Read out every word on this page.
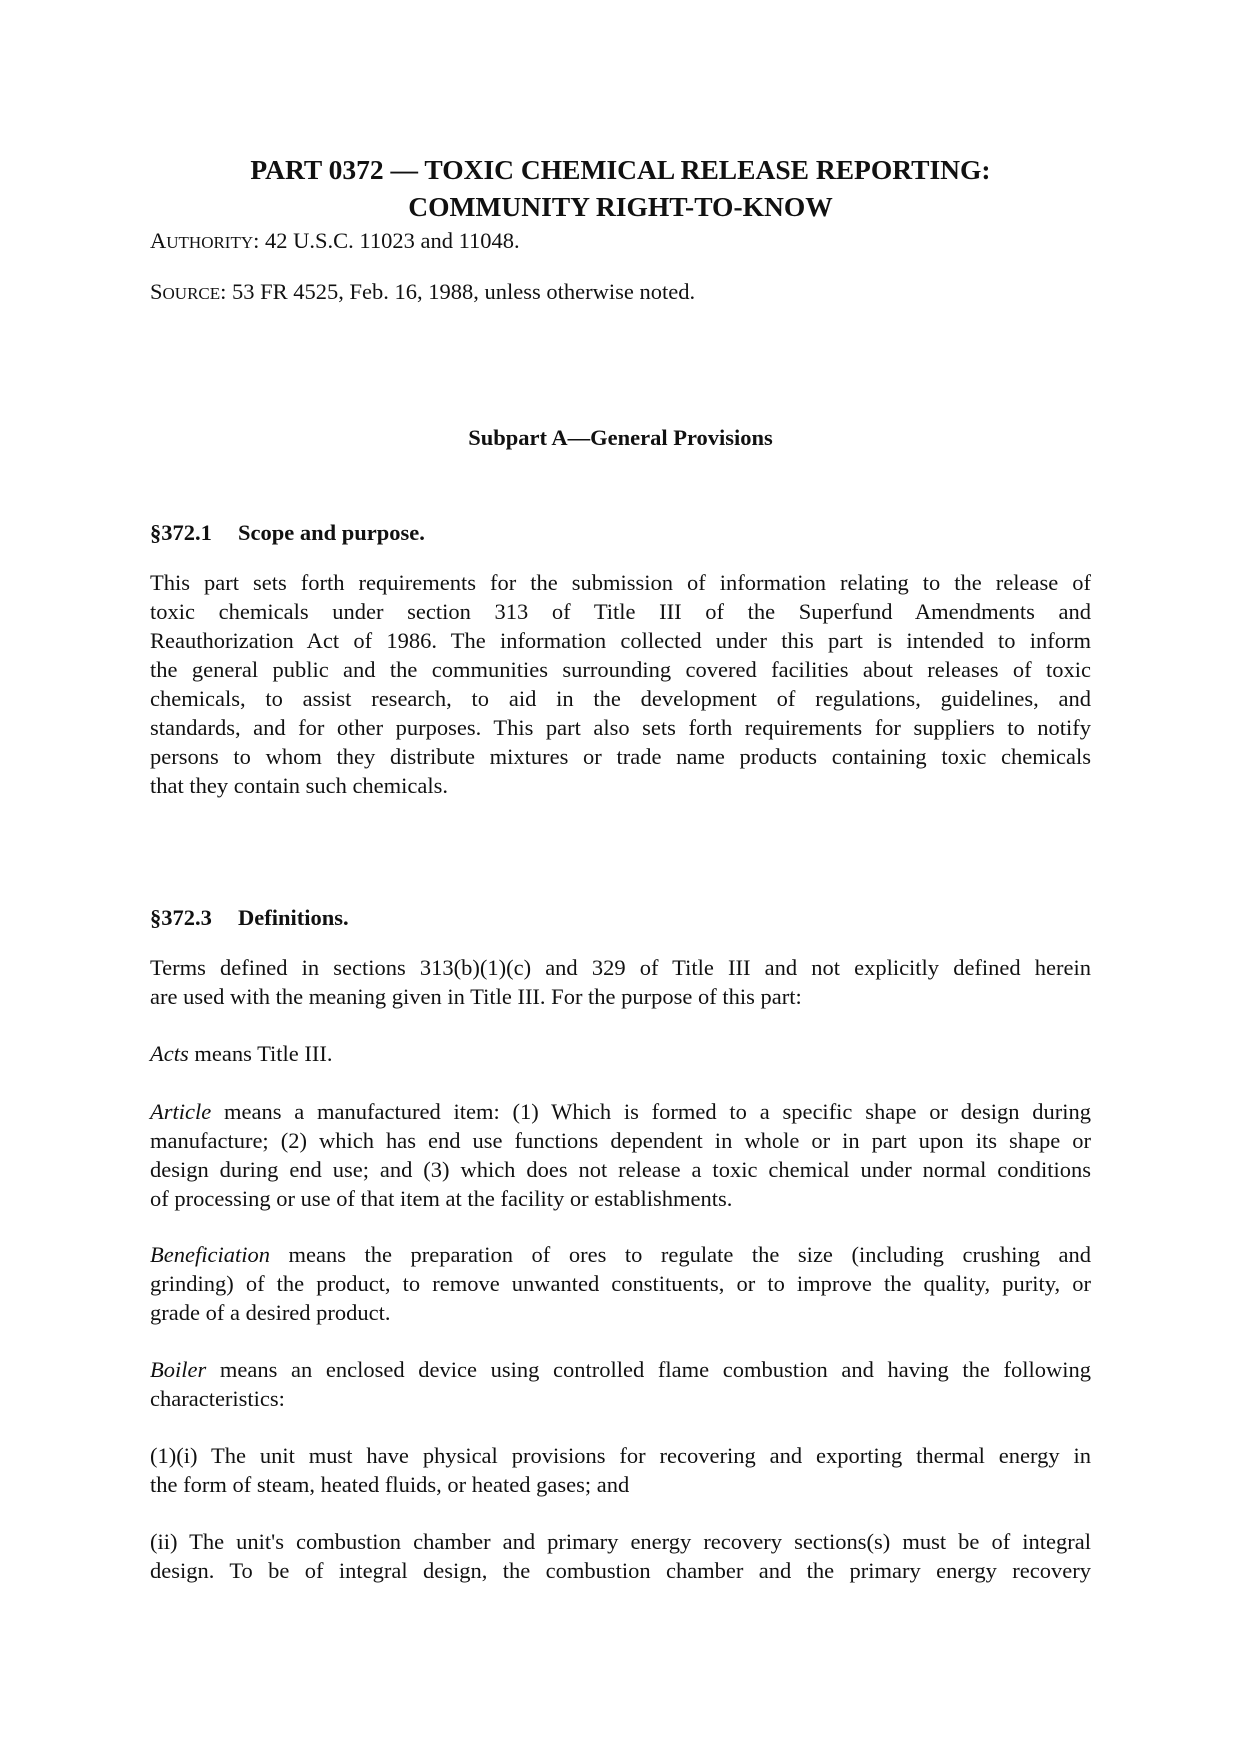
PART 0372 — TOXIC CHEMICAL RELEASE REPORTING:
COMMUNITY RIGHT-TO-KNOW
AUTHORITY: 42 U.S.C. 11023 and 11048.
SOURCE: 53 FR 4525, Feb. 16, 1988, unless otherwise noted.
Subpart A—General Provisions
§372.1 Scope and purpose.
This part sets forth requirements for the submission of information relating to the release of
toxic chemicals under section 313 of Title III of the Superfund Amendments and
Reauthorization Act of 1986. The information collected under this part is intended to inform
the general public and the communities surrounding covered facilities about releases of toxic
chemicals, to assist research, to aid in the development of regulations, guidelines, and
standards, and for other purposes. This part also sets forth requirements for suppliers to notify
persons to whom they distribute mixtures or trade name products containing toxic chemicals
that they contain such chemicals.
§372.3 Definitions.
Terms defined in sections 313(b)(1)(c) and 329 of Title III and not explicitly defined herein
are used with the meaning given in Title III. For the purpose of this part:
Acts means Title III.
Article means a manufactured item: (1) Which is formed to a specific shape or design during
manufacture; (2) which has end use functions dependent in whole or in part upon its shape or
design during end use; and (3) which does not release a toxic chemical under normal conditions
of processing or use of that item at the facility or establishments.
Beneficiation means the preparation of ores to regulate the size (including crushing and
grinding) of the product, to remove unwanted constituents, or to improve the quality, purity, or
grade of a desired product.
Boiler means an enclosed device using controlled flame combustion and having the following
characteristics:
(1)(i) The unit must have physical provisions for recovering and exporting thermal energy in
the form of steam, heated fluids, or heated gases; and
(ii) The unit's combustion chamber and primary energy recovery sections(s) must be of integral
design. To be of integral design, the combustion chamber and the primary energy recovery
